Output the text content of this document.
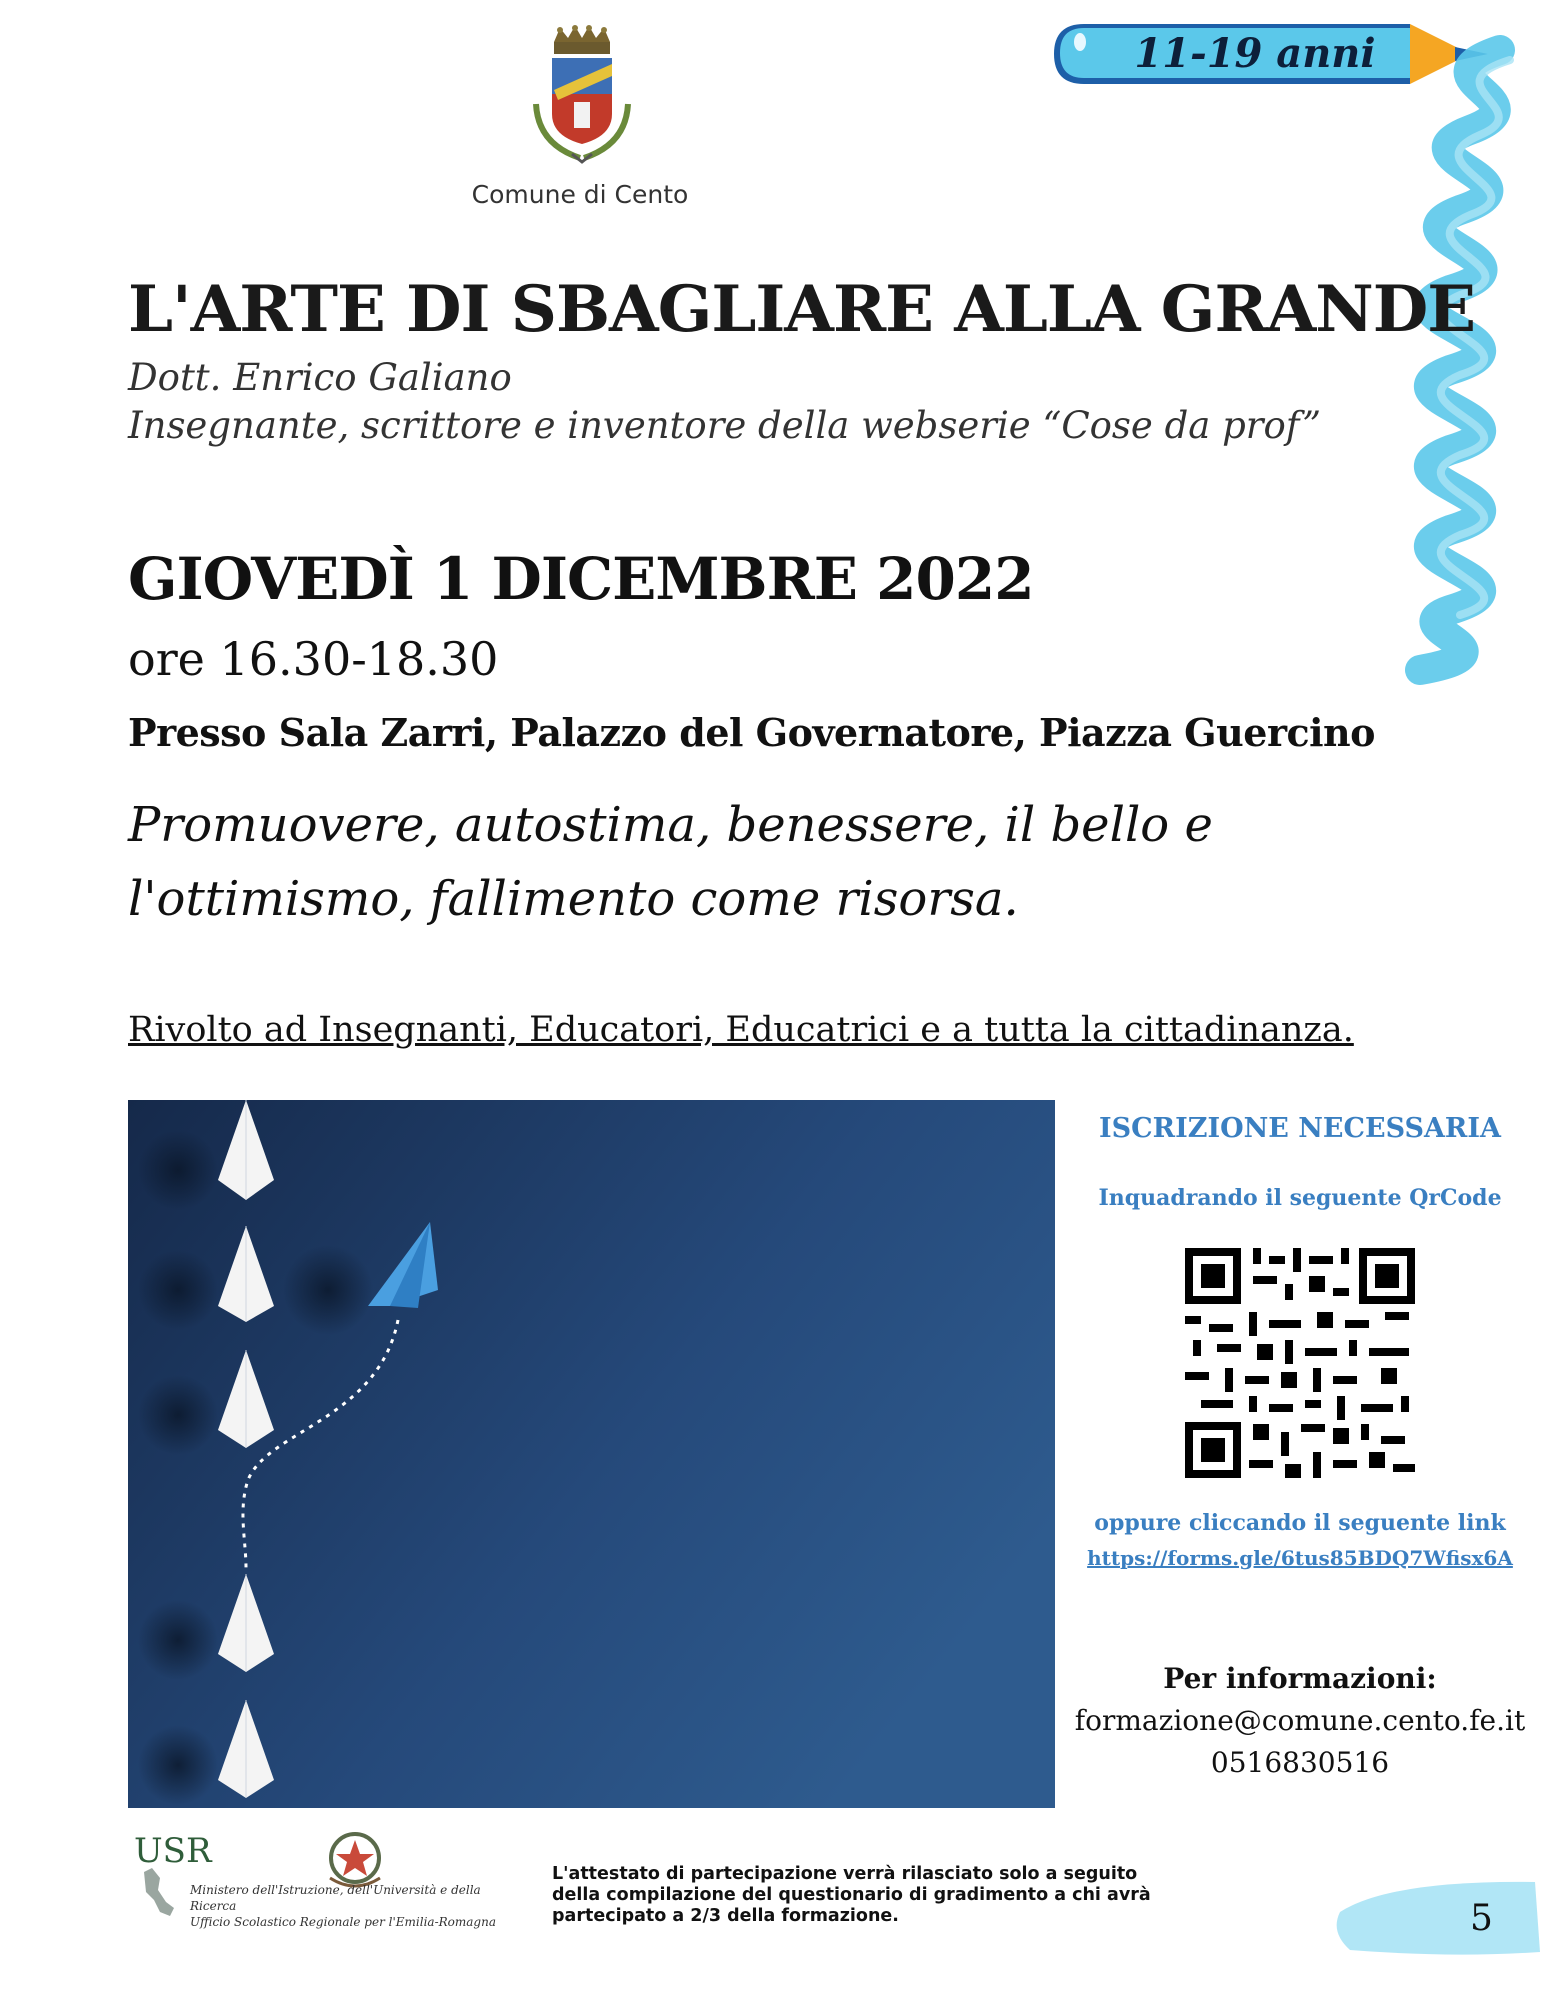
Comune di Cento
11-19 anni
L'ARTE DI SBAGLIARE ALLA GRANDE
Dott. Enrico Galiano
Insegnante, scrittore e inventore della webserie “Cose da prof”
GIOVEDÌ 1 DICEMBRE 2022
ore 16.30-18.30
Presso Sala Zarri, Palazzo del Governatore, Piazza Guercino
Promuovere, autostima, benessere, il bello e l'ottimismo, fallimento come risorsa.
Rivolto ad Insegnanti, Educatori, Educatrici e a tutta la cittadinanza.
ISCRIZIONE NECESSARIA
Inquadrando il seguente QrCode
oppure cliccando il seguente link
https://forms.gle/6tus85BDQ7Wfisx6A
Per informazioni:
formazione@comune.cento.fe.it
0516830516
USR
Ministero dell'Istruzione, dell'Università e della Ricerca
Ufficio Scolastico Regionale per l'Emilia-Romagna
L'attestato di partecipazione verrà rilasciato solo a seguito della compilazione del questionario di gradimento a chi avrà partecipato a 2/3 della formazione.	5
